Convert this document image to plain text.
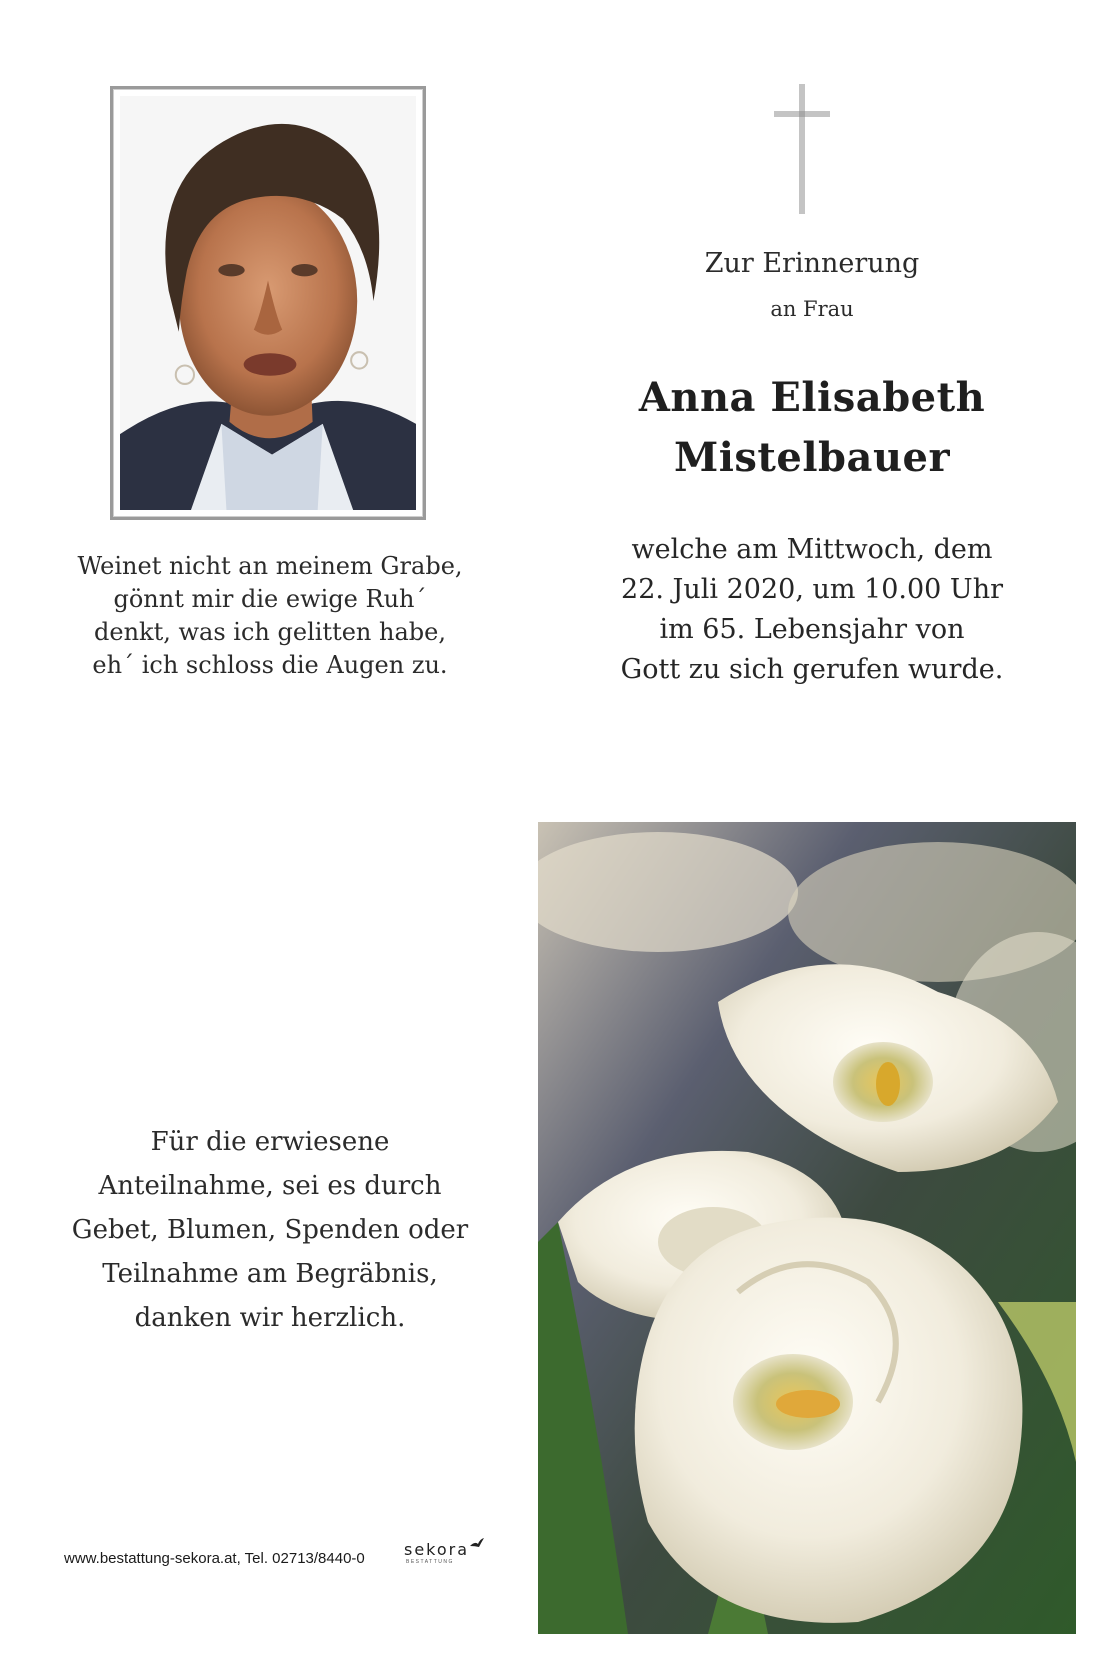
Weinet nicht an meinem Grabe,
gönnt mir die ewige Ruh´
denkt, was ich gelitten habe,
eh´ ich schloss die Augen zu.
Zur Erinnerung
an Frau
Anna Elisabeth
Mistelbauer
welche am Mittwoch, dem
22. Juli 2020, um 10.00 Uhr
im 65. Lebensjahr von
Gott zu sich gerufen wurde.
Für die erwiesene
Anteilnahme, sei es durch
Gebet, Blumen, Spenden oder
Teilnahme am Begräbnis,
danken wir herzlich.
www.bestattung-sekora.at, Tel. 02713/8440-0 sekora
BESTATTUNG
